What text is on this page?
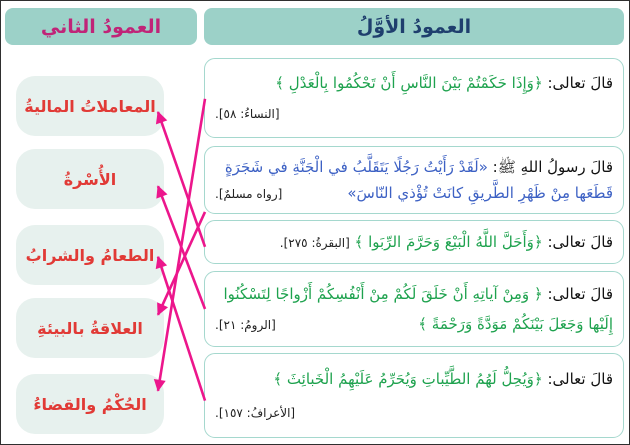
العمودُ الأوَّلُ
العمودُ الثاني
قالَ تعالى: ﴿وَإِذَا حَكَمْتُمْ بَيْنَ النَّاسِ أَنْ تَحْكُمُوا بِالْعَدْلِ ﴾
[النساءُ: ٥٨].
قالَ رسولُ اللهِ ﷺ: «لَقَدْ رَأَيْتُ رَجُلًا يَتَقَلَّبُ في الْجَنَّةِ في شَجَرَةٍ
قَطَعَها مِنْ ظَهْرِ الطَّريقِ كانَتْ تُؤْذي النّاسَ»
[رواه مسلمٌ].
قالَ تعالى: ﴿وَأَحَلَّ اللَّهُ الْبَيْعَ وَحَرَّمَ الرِّبَوا ﴾ [البقرةُ: ٢٧٥].
قالَ تعالى: ﴿ وَمِنْ آياتِهِ أَنْ خَلَقَ لَكُمْ مِنْ أَنْفُسِكُمْ أَزْواجًا لِتَسْكُنُوا
إِلَيْها وَجَعَلَ بَيْنَكُمْ مَوَدَّةً وَرَحْمَةً ﴾
[الرومُ: ٢١].
قالَ تعالى: ﴿وَيُحِلُّ لَهُمُ الطَّيِّباتِ وَيُحَرِّمُ عَلَيْهِمُ الْخَبائِثَ ﴾
[الأعرافُ: ١٥٧].
المعاملاتُ الماليةُ
الأُسْرةُ
الطعامُ والشرابُ
العلاقةُ بالبيئةِ
الحُكْمُ والقضاءُ
